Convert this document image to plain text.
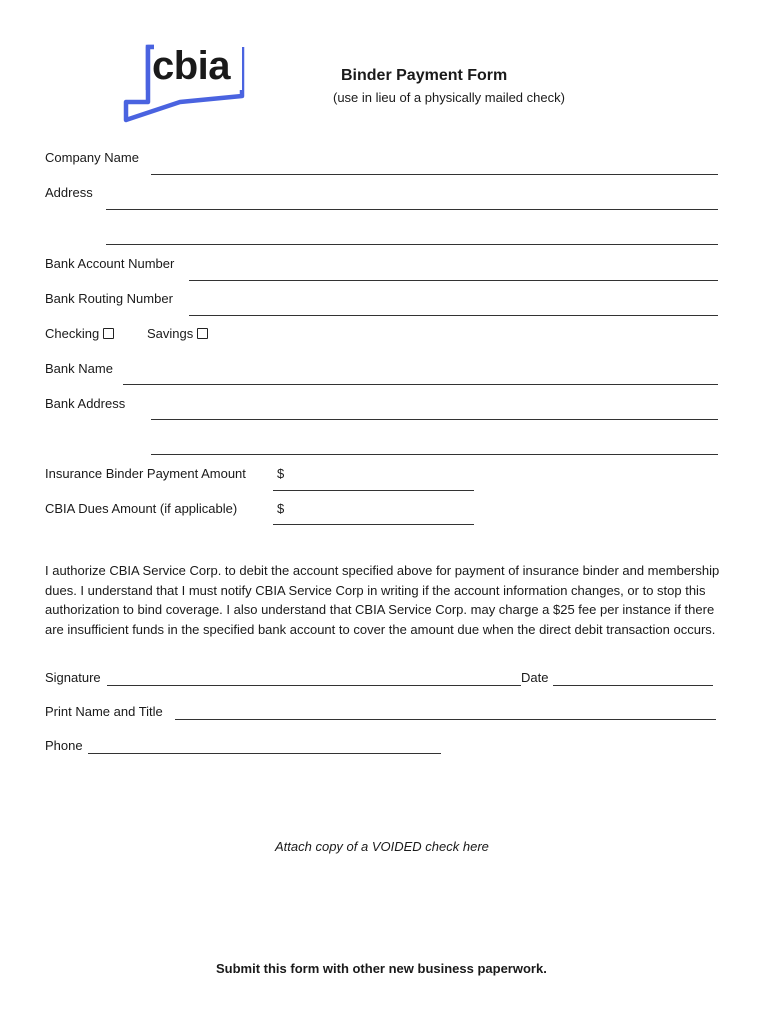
cbia	Binder Payment Form
(use in lieu of a physically mailed check)
Company Name
Address
Bank Account Number
Bank Routing Number
Checking	Savings
Bank Name
Bank Address
Insurance Binder Payment Amount $
CBIA Dues Amount (if applicable)	$
I authorize CBIA Service Corp. to debit the account specified above for payment of insurance binder and membership dues. I understand that I must notify CBIA Service Corp in writing if the account information changes, or to stop this authorization to bind coverage. I also understand that CBIA Service Corp. may charge a $25 fee per instance if there are insufficient funds in the specified bank account to cover the amount due when the direct debit transaction occurs.
Signature	Date
Print Name and Title
Phone
Attach copy of a VOIDED check here
Submit this form with other new business paperwork.
